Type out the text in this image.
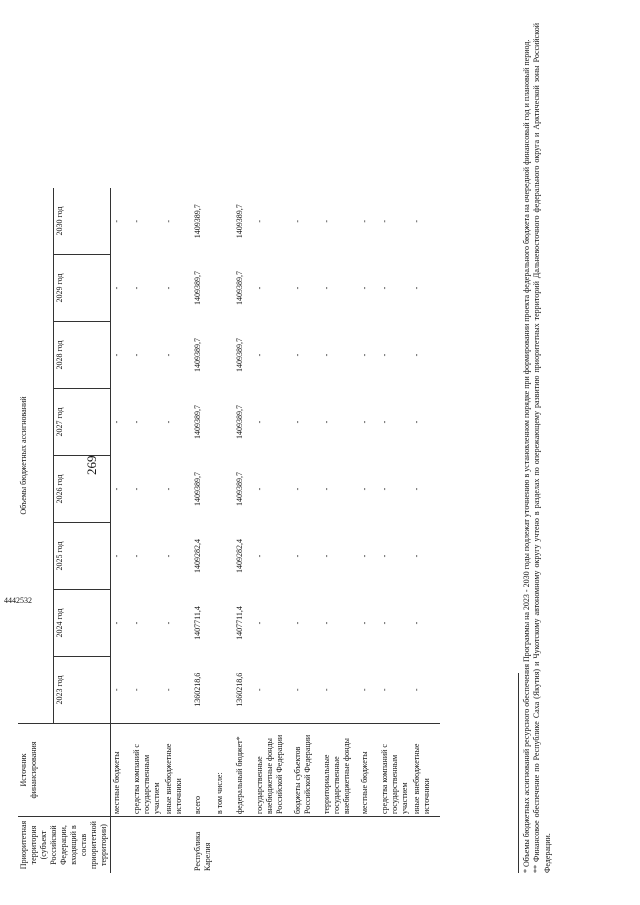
269
Приоритетная территория (субъект Российской Федерации, входящий в состав приоритетной территории)	Источник финансирования	Объемы бюджетных ассигнований							
		2023 год	2024 год	2025 год	2026 год	2027 год	2028 год	2029 год	2030 год
	местные бюджеты	-	-	-	-	-	-	-	-
	средства компаний с государственным участием	-	-	-	-	-	-	-	-
	иные внебюджетные источники	-	-	-	-	-	-	-	-
Республика Карелия	всего	1360218,6	1407711,4	1409282,4	1409389,7	1409389,7	1409389,7	1409389,7	1409389,7
	в том числе:								
	федеральный бюджет*	1360218,6	1407711,4	1409282,4	1409389,7	1409389,7	1409389,7	1409389,7	1409389,7
	государственные внебюджетные фонды Российской Федерации	-	-	-	-	-	-	-	-
	бюджеты субъектов Российской Федерации	-	-	-	-	-	-	-	-
	территориальные государственные внебюджетные фонды	-	-	-	-	-	-	-	-
	местные бюджеты	-	-	-	-	-	-	-	-
	средства компаний с государственным участием	-	-	-	-	-	-	-	-
	иные внебюджетные источники	-	-	-	-	-	-	-	-	* Объемы бюджетных ассигнований ресурсного обеспечения Программы на 2023 - 2030 годы подлежат уточнению в установленном порядке при формировании проекта федерального бюджета на очередной финансовый год и плановый период. ** Финансовое обеспечение по Республике Саха (Якутия) и Чукотскому автономному округу учтено в разделах по опережающему развитию приоритетных территорий Дальневосточного федерального округа и Арктической зоны Российской Федерации.
4442532
